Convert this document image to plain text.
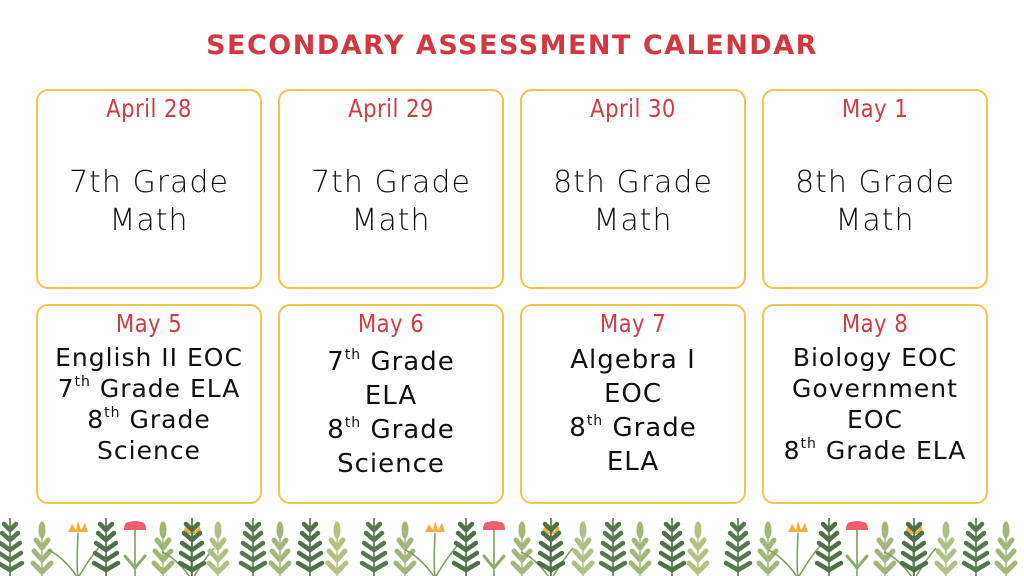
SECONDARY ASSESSMENT CALENDAR
April 28
7th Grade
Math
April 29
7th Grade
Math
April 30
8th Grade
Math
May 1
8th Grade
Math
May 5
English II EOC
7th Grade ELA
8th Grade
Science
May 6
7th Grade
ELA
8th Grade
Science
May 7
Algebra I
EOC
8th Grade
ELA
May 8
Biology EOC
Government
EOC
8th Grade ELA
